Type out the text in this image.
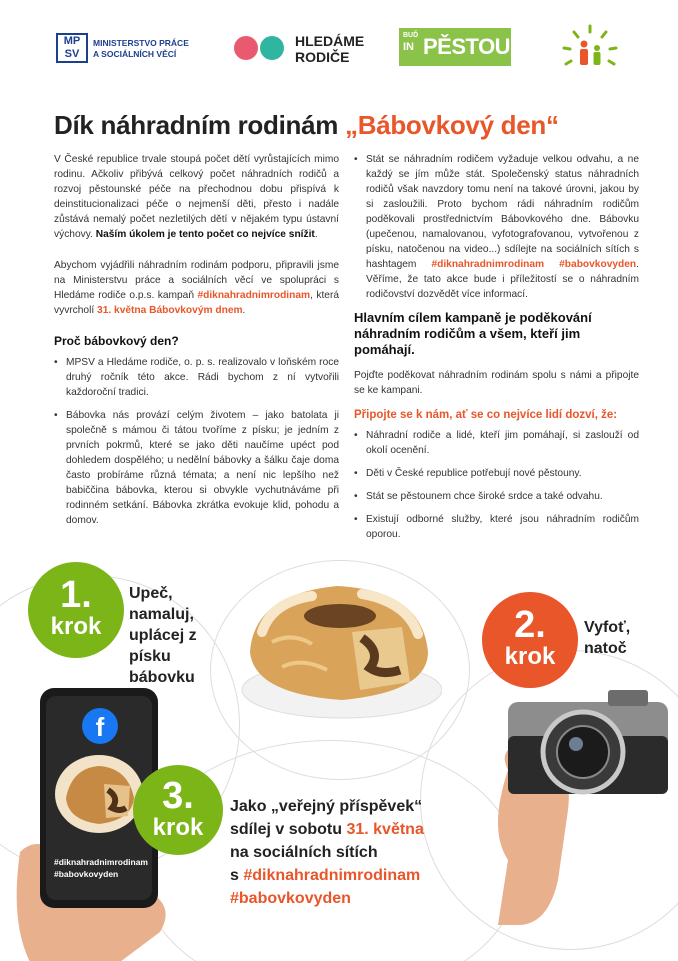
MP SV
MINISTERSTVO PRÁCE
A SOCIÁLNÍCH VĚCÍ
HLEDÁME
RODIČE
BUĎ
IN PĚSTOUN
Dík náhradním rodinám „Bábovkový den“

V České republice trvale stoupá počet dětí vyrůstajících mimo rodinu. Ačkoliv přibývá celkový počet náhradních rodičů a rozvoj pěstounské péče na přechodnou dobu přispívá k deinstitucionalizaci péče o nejmenší děti, přesto i nadále zůstává nemalý počet nezletilých dětí v nějakém typu ústavní výchovy. Naším úkolem je tento počet co nejvíce snížit.

Abychom vyjádřili náhradním rodinám podporu, připravili jsme na Ministerstvu práce a sociálních věcí ve spolupráci s Hledáme rodiče o.p.s. kampaň #diknahradnimrodinam, která vyvrcholí 31. května Bábovkovým dnem.

Proč bábovkový den?
• MPSV a Hledáme rodiče, o. p. s. realizovalo v loňském roce druhý ročník této akce. Rádi bychom z ní vytvořili každoroční tradici.
• Bábovka nás provází celým životem – jako batolata ji společně s mámou či tátou tvoříme z písku; je jedním z prvních pokrmů, které se jako děti naučíme upéct pod dohledem dospělého; u nedělní bábovky a šálku čaje doma často probíráme různá témata; a není nic lepšího než babiččina bábovka, kterou si obvykle vychutnáváme při rodinném setkání. Bábovka zkrátka evokuje klid, pohodu a domov.
• Stát se náhradním rodičem vyžaduje velkou odvahu, a ne každý se jím může stát. Společenský status náhradních rodičů však navzdory tomu není na takové úrovni, jakou by si zasloužili. Proto bychom rádi náhradním rodičům poděkovali prostřednictvím Bábovkového dne. Bábovku (upečenou, namalovanou, vyfotografovanou, vytvořenou z písku, natočenou na video...) sdílejte na sociálních sítích s hashtagem #diknahradnimrodinam #babovkovyden. Věříme, že tato akce bude i příležitostí se o náhradním rodičovství dozvědět více informací.
Hlavním cílem kampaně je poděkování náhradním rodičům a všem, kteří jim pomáhají.

Pojďte poděkovat náhradním rodinám spolu s námi a připojte se ke kampani.

Připojte se k nám, ať se co nejvíce lidí dozví, že:
• Náhradní rodiče a lidé, kteří jim pomáhají, si zaslouží od okolí ocenění.
• Děti v České republice potřebují nové pěstouny.
• Stát se pěstounem chce široké srdce a také odvahu.
• Existují odborné služby, které jsou náhradním rodičům oporou.
1.
krok
Upeč, namaluj,
uplácej z písku
bábovku
2.
krok
Vyfoť,
natoč
f
#diknahradnimrodinam
#babovkovyden
3.
krok
Jako „veřejný příspěvek“
sdílej v sobotu 31. května
na sociálních sítích
s #diknahradnimrodinam
#babovkovyden
